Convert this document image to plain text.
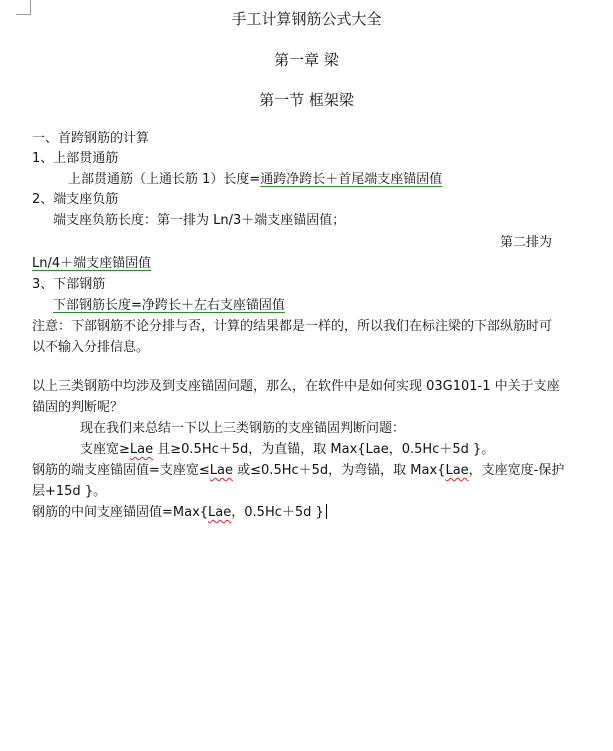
手工计算钢筋公式大全
第一章 梁
第一节 框架梁
一、首跨钢筋的计算
1、上部贯通筋
上部贯通筋（上通长筋 1）长度=通跨净跨长＋首尾端支座锚固值
2、端支座负筋
端支座负筋长度：第一排为 Ln/3＋端支座锚固值；
第二排为
Ln/4＋端支座锚固值
3、下部钢筋
下部钢筋长度=净跨长＋左右支座锚固值
注意：下部钢筋不论分排与否，计算的结果都是一样的，所以我们在标注梁的下部纵筋时可
以不输入分排信息。
以上三类钢筋中均涉及到支座锚固问题，那么，在软件中是如何实现 03G101-1 中关于支座
锚固的判断呢？
现在我们来总结一下以上三类钢筋的支座锚固判断问题：
支座宽≥Lae 且≥0.5Hc＋5d，为直锚，取 Max{Lae，0.5Hc＋5d }。
钢筋的端支座锚固值=支座宽≤Lae 或≤0.5Hc＋5d，为弯锚，取 Max{Lae，支座宽度-保护
层+15d }。
钢筋的中间支座锚固值=Max{Lae，0.5Hc＋5d }
